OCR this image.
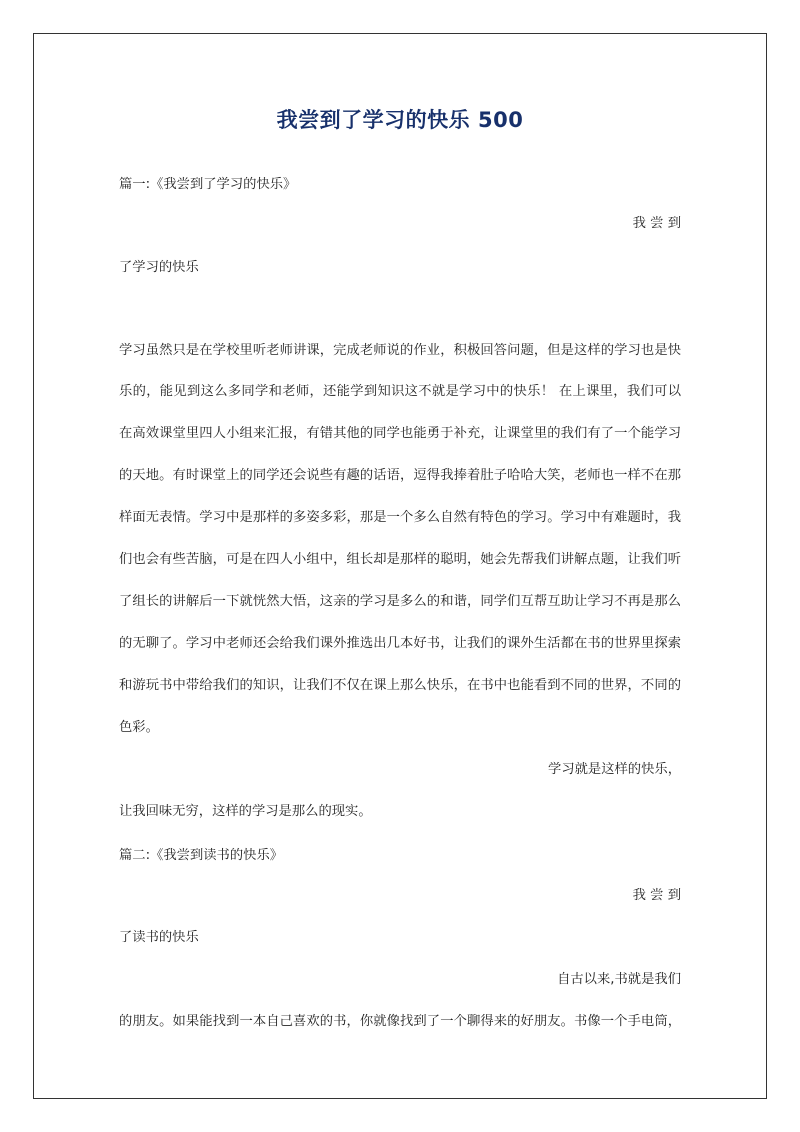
我尝到了学习的快乐 500
篇一:《我尝到了学习的快乐》
我 尝 到
了学习的快乐
学习虽然只是在学校里听老师讲课，完成老师说的作业，积极回答问题，但是这样的学习也是快
乐的，能见到这么多同学和老师，还能学到知识这不就是学习中的快乐！ 在上课里，我们可以
在高效课堂里四人小组来汇报，有错其他的同学也能勇于补充，让课堂里的我们有了一个能学习
的天地。有时课堂上的同学还会说些有趣的话语，逗得我捧着肚子哈哈大笑，老师也一样不在那
样面无表情。学习中是那样的多姿多彩，那是一个多么自然有特色的学习。学习中有难题时，我
们也会有些苦脑，可是在四人小组中，组长却是那样的聪明，她会先帮我们讲解点题，让我们听
了组长的讲解后一下就恍然大悟，这亲的学习是多么的和谐，同学们互帮互助让学习不再是那么
的无聊了。学习中老师还会给我们课外推选出几本好书，让我们的课外生活都在书的世界里探索
和游玩书中带给我们的知识，让我们不仅在课上那么快乐，在书中也能看到不同的世界，不同的
色彩。
学习就是这样的快乐，
让我回味无穷，这样的学习是那么的现实。
篇二:《我尝到读书的快乐》
我 尝 到
了读书的快乐
自古以来,书就是我们
的朋友。如果能找到一本自己喜欢的书，你就像找到了一个聊得来的好朋友。书像一个手电筒，
